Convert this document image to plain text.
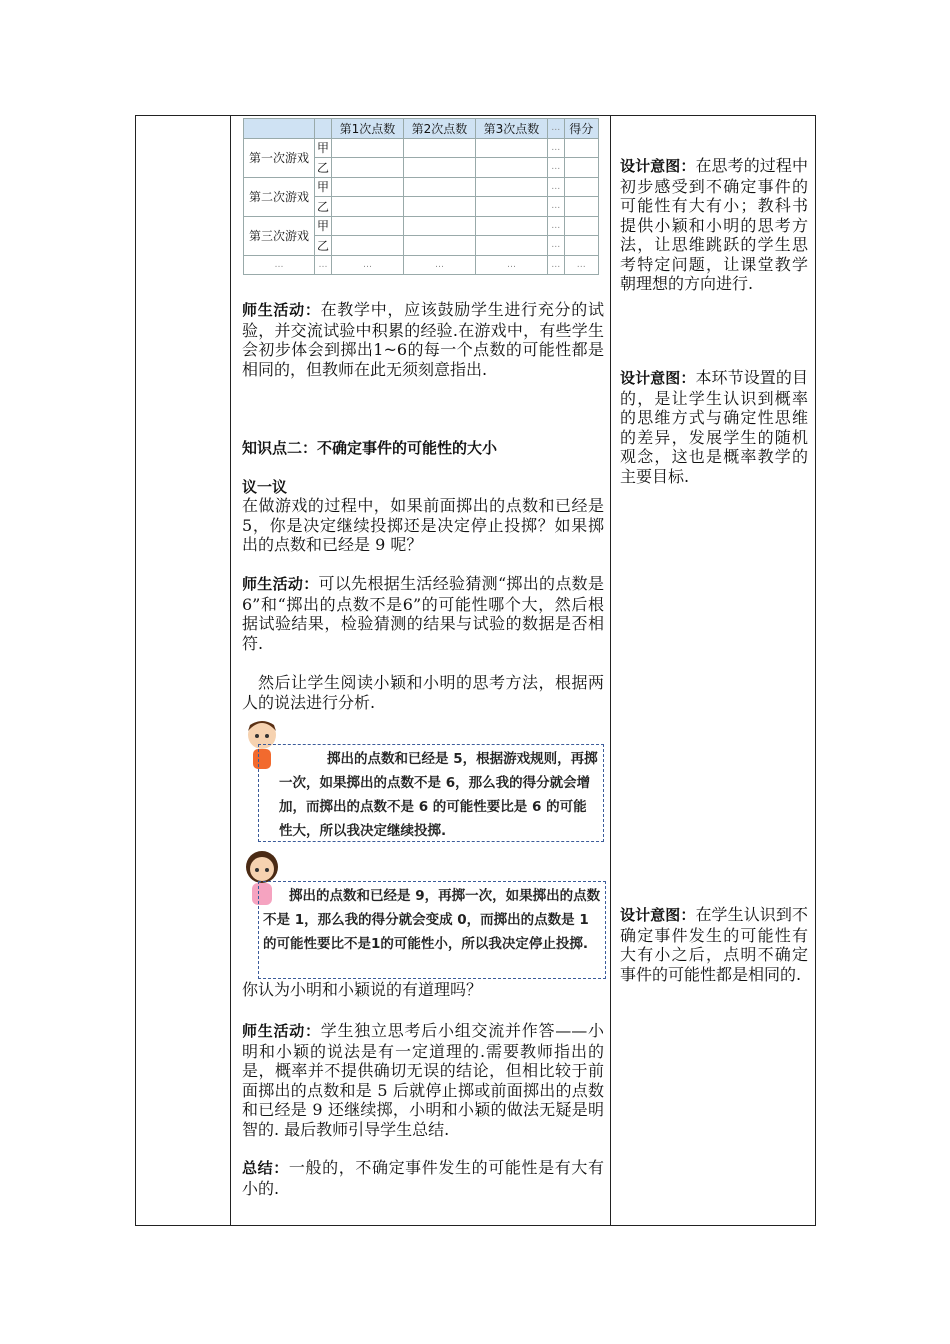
		第1次点数	第2次点数	第3次点数	…	得分
第一次游戏	甲				…	
	乙				…	
第二次游戏	甲				…	
	乙				…	
第三次游戏	甲				…	
	乙				…	
…	…	…	…	…	…	…
师生活动：在教学中，应该鼓励学生进行充分的试验，并交流试验中积累的经验.在游戏中，有些学生会初步体会到掷出1~6的每一个点数的可能性都是相同的，但教师在此无须刻意指出.
知识点二：不确定事件的可能性的大小
议一议
在做游戏的过程中，如果前面掷出的点数和已经是 5，你是决定继续投掷还是决定停止投掷？如果掷出的点数和已经是 9 呢？
师生活动：可以先根据生活经验猜测“掷出的点数是6”和“掷出的点数不是6”的可能性哪个大，然后根据试验结果，检验猜测的结果与试验的数据是否相符.
然后让学生阅读小颖和小明的思考方法，根据两人的说法进行分析.
掷出的点数和已经是 5，根据游戏规则，再掷一次，如果掷出的点数不是 6，那么我的得分就会增加，而掷出的点数不是 6 的可能性要比是 6 的可能性大，所以我决定继续投掷.
掷出的点数和已经是 9，再掷一次，如果掷出的点数不是 1，那么我的得分就会变成 0，而掷出的点数是 1 的可能性要比不是1的可能性小，所以我决定停止投掷.
你认为小明和小颖说的有道理吗？
师生活动：学生独立思考后小组交流并作答——小明和小颖的说法是有一定道理的.需要教师指出的是，概率并不提供确切无误的结论，但相比较于前面掷出的点数和是 5 后就停止掷或前面掷出的点数和已经是 9 还继续掷，小明和小颖的做法无疑是明智的. 最后教师引导学生总结.
总结：一般的，不确定事件发生的可能性是有大有小的.
设计意图：在思考的过程中初步感受到不确定事件的可能性有大有小；教科书提供小颖和小明的思考方法，让思维跳跃的学生思考特定问题，让课堂教学朝理想的方向进行.
设计意图：本环节设置的目的，是让学生认识到概率的思维方式与确定性思维的差异，发展学生的随机观念，这也是概率教学的主要目标.
设计意图：在学生认识到不确定事件发生的可能性有大有小之后，点明不确定事件的可能性都是相同的.
